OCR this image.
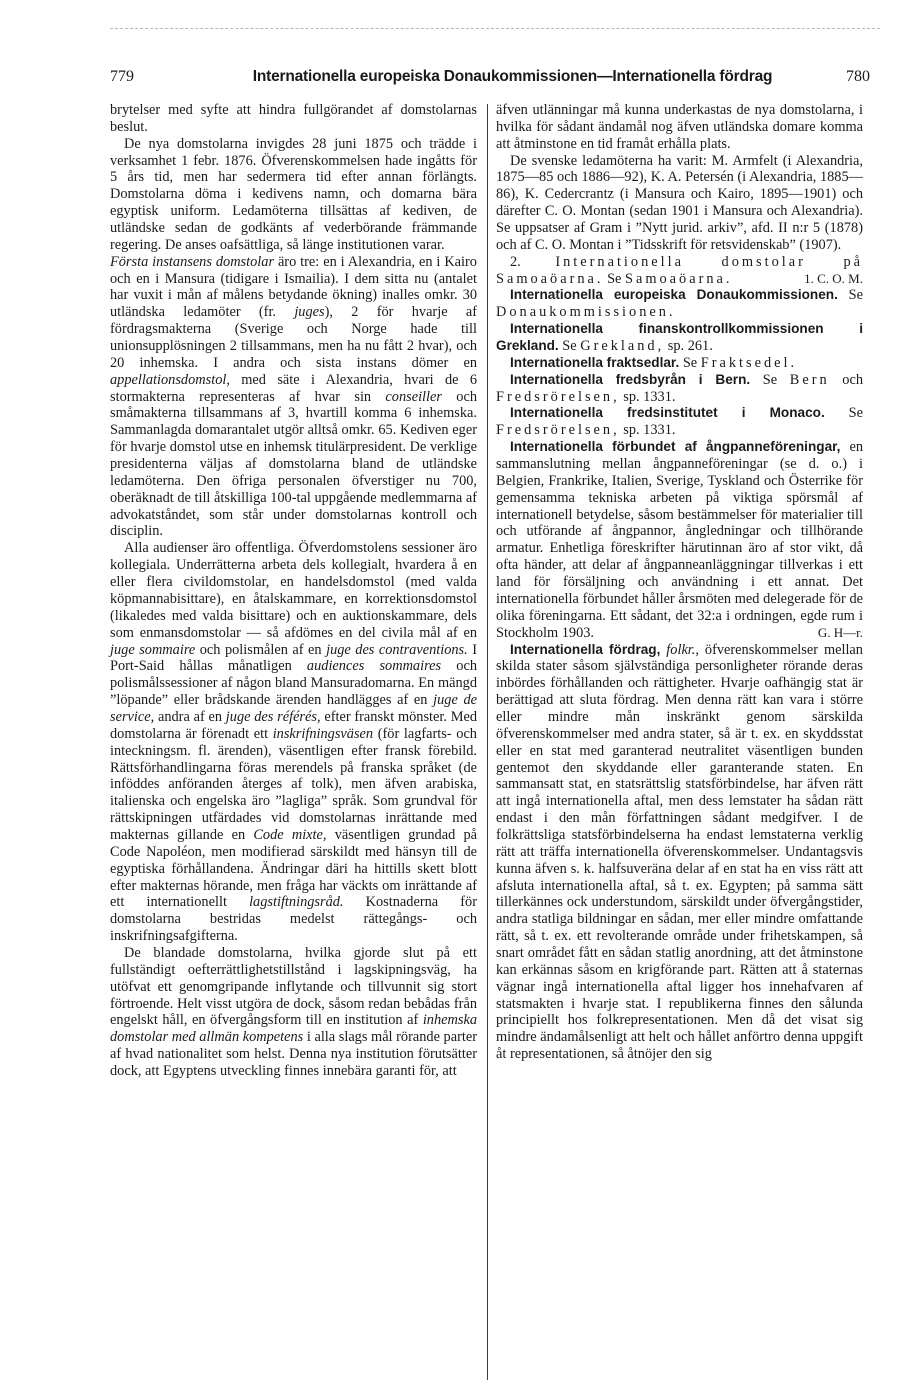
779	Internationella europeiska Donaukommissionen—Internationella fördrag	780

brytelser med syfte att hindra fullgörandet af domstolarnas beslut.

De nya domstolarna invigdes 28 juni 1875 och trädde i verksamhet 1 febr. 1876. Öfverenskommelsen hade ingåtts för 5 års tid, men har sedermera tid efter annan förlängts. Domstolarna döma i kedivens namn, och domarna bära egyptisk uniform. Ledamöterna tillsättas af kediven, de utländske sedan de godkänts af vederbörande främmande regering. De anses oafsättliga, så länge institutionen varar.

Första instansens domstolar äro tre: en i Alexandria, en i Kairo och en i Mansura (tidigare i Ismailia). I dem sitta nu (antalet har vuxit i mån af målens betydande ökning) inalles omkr. 30 utländska ledamöter (fr. juges), 2 för hvarje af fördragsmakterna (Sverige och Norge hade till unionsupplösningen 2 tillsammans, men ha nu fått 2 hvar), och 20 inhemska. I andra och sista instans dömer en appellationsdomstol, med säte i Alexandria, hvari de 6 stormakterna representeras af hvar sin conseiller och småmakterna tillsammans af 3, hvartill komma 6 inhemska. Sammanlagda domarantalet utgör alltså omkr. 65. Kediven eger för hvarje domstol utse en inhemsk titulärpresident. De verklige presidenterna väljas af domstolarna bland de utländske ledamöterna. Den öfriga personalen öfverstiger nu 700, oberäknadt de till åtskilliga 100-tal uppgående medlemmarna af advokatståndet, som står under domstolarnas kontroll och disciplin.

Alla audienser äro offentliga. Öfverdomstolens sessioner äro kollegiala. Underrätterna arbeta dels kollegialt, hvardera å en eller flera civildomstolar, en handelsdomstol (med valda köpmannabisittare), en åtalskammare, en korrektionsdomstol (likaledes med valda bisittare) och en auktionskammare, dels som enmansdomstolar — så afdömes en del civila mål af en juge sommaire och polismålen af en juge des contraventions. I Port-Said hållas månatligen audiences sommaires och polismålssessioner af någon bland Mansuradomarna. En mängd ”löpande” eller brådskande ärenden handlägges af en juge de service, andra af en juge des référés, efter franskt mönster. Med domstolarna är förenadt ett inskrifningsväsen (för lagfarts- och inteckningsm. fl. ärenden), väsentligen efter fransk förebild. Rättsförhandlingarna föras merendels på franska språket (de inföddes anföranden återges af tolk), men äfven arabiska, italienska och engelska äro ”lagliga” språk. Som grundval för rättskipningen utfärdades vid domstolarnas inrättande med makternas gillande en Code mixte, väsentligen grundad på Code Napoléon, men modifierad särskildt med hänsyn till de egyptiska förhållandena. Ändringar däri ha hittills skett blott efter makternas hörande, men fråga har väckts om inrättande af ett internationellt lagstiftningsråd. Kostnaderna för domstolarna bestridas medelst rättegångs- och inskrifningsafgifterna.

De blandade domstolarna, hvilka gjorde slut på ett fullständigt oefterrättlighetstillstånd i lagskipningsväg, ha utöfvat ett genomgripande inflytande och tillvunnit sig stort förtroende. Helt visst utgöra de dock, såsom redan bebådas från engelskt håll, en öfvergångsform till en institution af inhemska domstolar med allmän kompetens i alla slags mål rörande parter af hvad nationalitet som helst. Denna nya institution förutsätter dock, att Egyptens utveckling finnes innebära garanti för, att

äfven utlänningar må kunna underkastas de nya domstolarna, i hvilka för sådant ändamål nog äfven utländska domare komma att åtminstone en tid framåt erhålla plats.

De svenske ledamöterna ha varit: M. Armfelt (i Alexandria, 1875—85 och 1886—92), K. A. Petersén (i Alexandria, 1885—86), K. Cedercrantz (i Mansura och Kairo, 1895—1901) och därefter C. O. Montan (sedan 1901 i Mansura och Alexandria). Se uppsatser af Gram i ”Nytt jurid. arkiv”, afd. II n:r 5 (1878) och af C. O. Montan i ”Tidsskrift för retsvidenskab” (1907).

2. Internationella domstolar på Samoaöarna. Se Samoaöarna.	1. C. O. M.

Internationella europeiska Donaukommissionen. Se Donaukommissionen.

Internationella finanskontrollkommissionen i Grekland. Se Grekland, sp. 261.

Internationella fraktsedlar. Se Fraktsedel.

Internationella fredsbyrån i Bern. Se Bern och Fredsrörelsen, sp. 1331.

Internationella fredsinstitutet i Monaco. Se Fredsrörelsen, sp. 1331.

Internationella förbundet af ångpanneföreningar, en sammanslutning mellan ångpanneföreningar (se d. o.) i Belgien, Frankrike, Italien, Sverige, Tyskland och Österrike för gemensamma tekniska arbeten på viktiga spörsmål af internationell betydelse, såsom bestämmelser för materialier till och utförande af ångpannor, ångledningar och tillhörande armatur. Enhetliga föreskrifter härutinnan äro af stor vikt, då ofta händer, att delar af ångpanneanläggningar tillverkas i ett land för försäljning och användning i ett annat. Det internationella förbundet håller årsmöten med delegerade för de olika föreningarna. Ett sådant, det 32:a i ordningen, egde rum i Stockholm 1903.	G. H—r.

Internationella fördrag, folkr., öfverenskommelser mellan skilda stater såsom självständiga personligheter rörande deras inbördes förhållanden och rättigheter. Hvarje oafhängig stat är berättigad att sluta fördrag. Men denna rätt kan vara i större eller mindre mån inskränkt genom särskilda öfverenskommelser med andra stater, så är t. ex. en skyddsstat eller en stat med garanterad neutralitet väsentligen bunden gentemot den skyddande eller garanterande staten. En sammansatt stat, en statsrättslig statsförbindelse, har äfven rätt att ingå internationella aftal, men dess lemstater ha sådan rätt endast i den mån författningen sådant medgifver. I de folkrättsliga statsförbindelserna ha endast lemstaterna verklig rätt att träffa internationella öfverenskommelser. Undantagsvis kunna äfven s. k. halfsuveräna delar af en stat ha en viss rätt att afsluta internationella aftal, så t. ex. Egypten; på samma sätt tillerkännes ock understundom, särskildt under öfvergångstider, andra statliga bildningar en sådan, mer eller mindre omfattande rätt, så t. ex. ett revolterande område under frihetskampen, så snart området fått en sådan statlig anordning, att det åtminstone kan erkännas såsom en krigförande part. Rätten att å staternas vägnar ingå internationella aftal ligger hos innehafvaren af statsmakten i hvarje stat. I republikerna finnes den sålunda principiellt hos folkrepresentationen. Men då det visat sig mindre ändamålsenligt att helt och hållet anförtro denna uppgift åt representationen, så åtnöjer den sig
